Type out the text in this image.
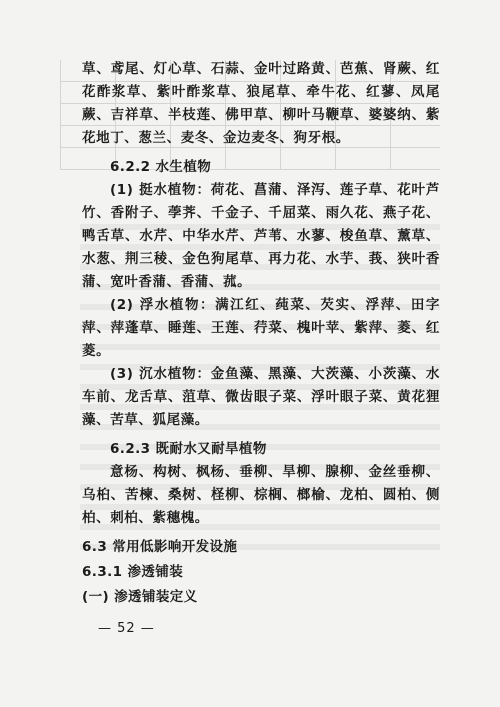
草、鸢尾、灯心草、石蒜、金叶过路黄、芭蕉、肾蕨、红花酢浆草、紫叶酢浆草、狼尾草、牵牛花、红蓼、凤尾蕨、吉祥草、半枝莲、佛甲草、柳叶马鞭草、婆婆纳、紫花地丁、葱兰、麦冬、金边麦冬、狗牙根。

6.2.2 水生植物

(1) 挺水植物：荷花、菖蒲、泽泻、莲子草、花叶芦竹、香附子、荸荠、千金子、千屈菜、雨久花、燕子花、鸭舌草、水芹、中华水芹、芦苇、水蓼、梭鱼草、薰草、水葱、荆三稜、金色狗尾草、再力花、水芋、莪、狭叶香蒲、宽叶香蒲、香蒲、菰。

(2) 浮水植物：满江红、莼菜、芡实、浮萍、田字萍、萍蓬草、睡莲、王莲、荇菜、槐叶苹、紫萍、菱、红菱。

(3) 沉水植物：金鱼藻、黑藻、大茨藻、小茨藻、水车前、龙舌草、菹草、微齿眼子菜、浮叶眼子菜、黄花狸藻、苦草、狐尾藻。

6.2.3 既耐水又耐旱植物

意杨、构树、枫杨、垂柳、旱柳、腺柳、金丝垂柳、乌桕、苦楝、桑树、柽柳、棕榈、榔榆、龙柏、圆柏、侧柏、刺柏、紫穗槐。

6.3 常用低影响开发设施

6.3.1 渗透铺装

(一) 渗透铺装定义

— 52 —
